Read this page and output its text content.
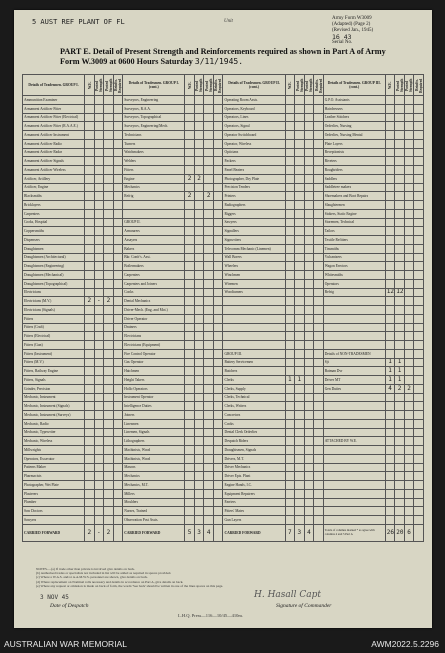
5 AUST REF PLANT OF FL	Unit
Army Form W3009
(Adapted) (Page 2)
(Revised Jan., 1945)
16 43
Serial No.
PART E. Detail of Present Strength and Reinforcements required as shown in Part A of Army Form W.3009 at 0600 Hours Saturday 3/11/1945.
Details of Tradesmen. GROUP I.	W.E.	Posted Strength	Posted Strength	Reinfts. Required	Details of Tradesmen. GROUP I. (cont.)	W.E.	Posted Strength	Posted Strength	Reinfts. Required	Details of Tradesmen. GROUP II. (cont.)	W.E.	Posted Strength	Posted Strength	Reinfts. Required	Details of Tradesmen. GROUP III. (cont.)	W.E.	Posted Strength	Posted Strength	Reinfts. Required
Ammunition Examiner					Surveyors, Engineering					Operating Room Assts.					G.P.O. Assistants				
Armament Artificer Fitter					Surveyors, R.A.A.					Operators, Keyboard					Hairdressers				
Armament Artificer Fitter (Electrical)					Surveyors, Topographical					Operators, Lines					Leather Stitchers				
Armament Artificer Fitter (R.A.A.E.)					Surveyors, Engineering/Mech.					Operators, Signal					Orderlies, Nursing				
Armament Artificer Instrument					Technicians					Operator Switchboard					Orderlies, Nursing Mental				
Armament Artificer Radio					Turners					Operator, Wireless					Plate Layers				
Armament Artificer Radar					Watchmakers					Opticians					Receptionists				
Armament Artificer Signals					Welders					Packers					Riveters				
Armament Artificer Wireless					Fitters					Panel Beaters					Roughriders				
Artificer, Artillery					Engine	2	2			Photographer, Dry Plate					Saddlers				
Artificer, Engine					Mechanics					Precision Tenders					Saddletree makers				
Blacksmiths					Refrig	2		2		Printers					Shoemakers and Boot Repairs				
Bricklayers										Radiographers					Slaughtermen				
Carpenters										Riggers					Stokers, Static Engine				
Cooks, Hospital					GROUP II.					Sawyers					Storemen, Technical				
Coppersmiths					Armourers					Signallers					Tailors				
Dispensers					Assayers					Signwriters					Textile Refitters				
Draughtsmen					Bakers					Telecomm Mechanic (Linemen)					Tinsmiths				
Draughtsmen (Architectural)					Bkr. Confr's. Asst.					Wall Borers					Vulcanizers				
Draughtsmen (Engineering)					Boilermakers					Wheelers					Wagon Erectors				
Draughtsmen (Mechanical)					Carpenters					Winchmen					Whitesmiths				
Draughtsmen (Topographical)					Carpenters and Joiners					Wiremen					Operators				
Electricians					Cooks					Woodturners					Refrig	12	12		
Electricians (M.V.)	2	-	2		Dental Mechanics														
Electricians (Signals)					Driver-Mech. (Eng. and Mot.)														
Fitters					Driver Operator														
Fitters (Craft)					Drainers														
Fitters (Electrical)					Electricians														
Fitters (Gun)					Electricians (Equipment)														
Fitters (Instrument)					Fire Control Operator					GROUP III.					Details of NON-TRADESMEN				
Fitters (M.V.)					Gas Operator					Battery Servicemen					Sjt	1	1		
Fitters, Railway Engine					Hatchmen					Butchers					Batman Dvr	1	1		
Fitters, Signals					Height Takers					Clerks	1	1			Driver MT	1	1		
Grinder, Precision					Hollo Operators					Clerks, Supply					Gen Duties	4	2	2	
Mechanic, Instrument					Instrument Operator					Clerks, Technical									
Mechanic, Instrument (Signals)					Intelligence Duties					Clerks, Writers									
Mechanic, Instrument (Surveys)					Joiners					Concretors									
Mechanic, Radio					Linesmen					Cooks									
Mechanic, Typewriter					Linemen, Signals					Dental Clerk Orderlies									
Mechanic, Wireless					Lithographers					Despatch Riders					ATTACHED BY W.E.				
Millwrights					Machinists, Wood					Draughtsmen, Signals									
Operators, Excavator					Machinists, Wood					Drivers, M.T.									
Patterns Maker					Masons					Driver Mechanics									
Pharmacists					Mechanics					Driver Epts. Plant									
Photographer, Wet Plate					Mechanics, M.T.					Engine Hands, I.C.									
Plasterers					Millers					Equipment Repairers									
Plumber					Moulders					Farriers									
Saw Doctors					Nurses, Trained					Fitters' Mates									
Sawyers					Observation Post Assts.					Gun Layers									
CARRIED FORWARD	2	-	2		CARRIED FORWARD	5	3	4		CARRIED FORWARD	7	3	4		Totals of columns marked * as agree with columns 4 and 5 Part A	26	20	6	
NOTES.—(a) If trade other than private is involved give details on back.
(b) Authorised trades or specialists not included in list will be added as required in spaces provided.
(c) Where a W.A.S. and/or A.A.M.W.S. personnel are shown, give details on back.
(d) Where replacement on Nominal rolls necessary and details in accordance on Part A, give details on back.
(e) Where any request or omission is made on back of form, the words 'See back' should be written in one of the lines spaces on this page.
3 NOV 45
Date of Despatch
H. Hasall Capt
Signature of Commander
L.H.Q. Press—116—10/45—410m.
AUSTRALIAN WAR MEMORIAL	AWM2022.5.2296
